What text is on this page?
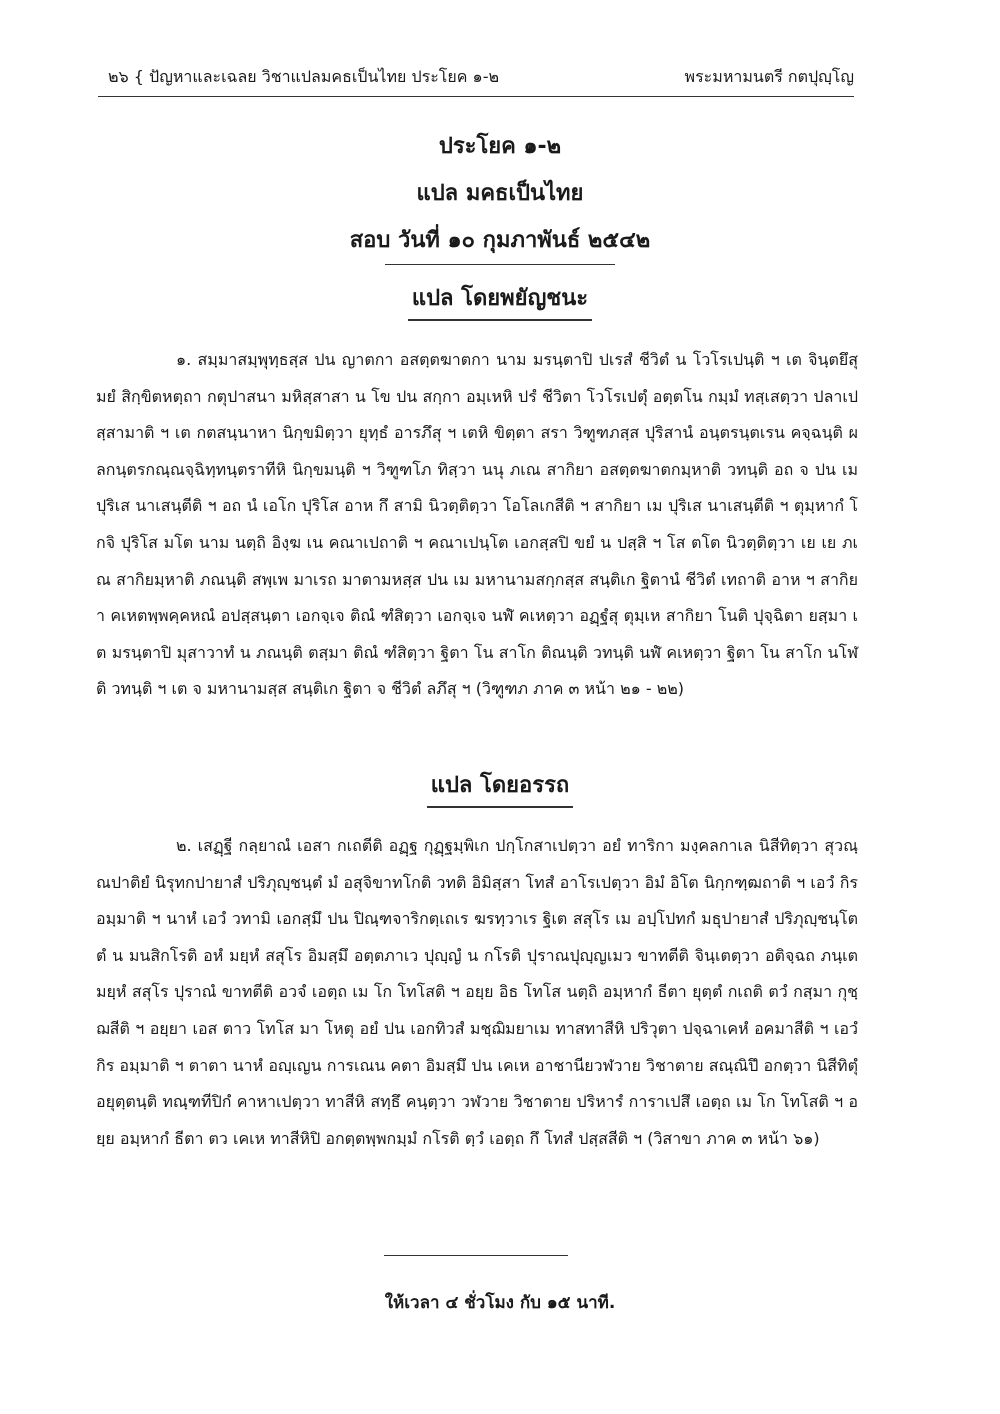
๒๖ { ปัญหาและเฉลย วิชาแปลมคธเป็นไทย ประโยค ๑-๒	พระมหามนตรี กตปุญฺโญ
ประโยค ๑-๒
แปล มคธเป็นไทย
สอบ วันที่ ๑๐ กุมภาพันธ์ ๒๕๔๒
แปล โดยพยัญชนะ
๑. สมฺมาสมฺพุทฺธสฺส ปน ญาตกา อสตฺตฆาตกา นาม มรนฺตาปิ ปเรสํ ชีวิตํ น โวโรเปนฺติ ฯ เต จินฺตยึสุ มยํ สิกฺขิตหตฺถา กตุปาสนา มหิสฺสาสา น โข ปน สกฺกา อมฺเหหิ ปรํ ชีวิตา โวโรเปตุํ อตฺตโน กมฺมํ ทสฺเสตฺวา ปลาเปสฺสามาติ ฯ เต กตสนฺนาหา นิกฺขมิตฺวา ยุทฺธํ อารภึสุ ฯ เตหิ ขิตฺตา สรา วิฑูฑภสฺส ปุริสานํ อนฺตรนฺตเรน คจฺฉนฺติ ผลกนฺตรกณฺณจฺฉิทฺทนฺตราทีหิ นิกฺขมนฺติ ฯ วิฑูฑโภ ทิสฺวา นนุ ภเณ สากิยา อสตฺตฆาตกมฺหาติ วทนฺติ อถ จ ปน เม ปุริเส นาเสนฺตีติ ฯ อถ นํ เอโก ปุริโส อาห กึ สามิ นิวตฺติตฺวา โอโลเกสีติ ฯ สากิยา เม ปุริเส นาเสนฺตีติ ฯ ตุมฺหากํ โกจิ ปุริโส มโต นาม นตฺถิ อิงฺฆ เน คณาเปถาติ ฯ คณาเปนฺโต เอกสฺสปิ ขยํ น ปสฺสิ ฯ โส ตโต นิวตฺติตฺวา เย เย ภเณ สากิยมฺหาติ ภณนฺติ สพฺเพ มาเรถ มาตามหสฺส ปน เม มหานามสกฺกสฺส สนฺติเก ฐิตานํ ชีวิตํ เทถาติ อาห ฯ สากิยา คเหตพฺพคฺคหณํ อปสฺสนฺตา เอกจฺเจ ติณํ ฑํสิตฺวา เอกจฺเจ นฬํ คเหตฺวา อฏฺฐํสุ ตุมฺเห สากิยา โนติ ปุจฺฉิตา ยสฺมา เต มรนฺตาปิ มุสาวาทํ น ภณนฺติ ตสฺมา ติณํ ฑํสิตฺวา ฐิตา โน สาโก ติณนฺติ วทนฺติ นฬํ คเหตฺวา ฐิตา โน สาโก นโฬติ วทนฺติ ฯ เต จ มหานามสฺส สนฺติเก ฐิตา จ ชีวิตํ ลภึสุ ฯ (วิฑูฑภ ภาค ๓ หน้า ๒๑ - ๒๒)
แปล โดยอรรถ
๒. เสฏฺฐี กลฺยาณํ เอสา กเถตีติ อฏฺฐ กุฏฺฐมฺพิเก ปกฺโกสาเปตฺวา อยํ ทาริกา มงฺคลกาเล นิสีทิตฺวา สุวณฺณปาติยํ นิรุทกปายาสํ ปริภุญฺชนฺตํ มํ อสุจิขาทโกติ วทติ อิมิสฺสา โทสํ อาโรเปตฺวา อิมํ อิโต นิกฺกฑฺฒถาติ ฯ เอวํ กิร อมฺมาติ ฯ นาหํ เอวํ วทามิ เอกสฺมึ ปน ปิณฺฑจาริกตฺเถเร ฆรทฺวาเร ฐิเต สสุโร เม อปฺโปทกํ มธุปายาสํ ปริภุญฺชนฺโต ตํ น มนสิกโรติ อหํ มยฺหํ สสุโร อิมสฺมึ อตฺตภาเว ปุญฺญํ น กโรติ ปุราณปุญฺญเมว ขาทตีติ จินฺเตตฺวา อติจฺฉถ ภนฺเต มยฺหํ สสุโร ปุราณํ ขาทตีติ อวจํ เอตฺถ เม โก โทโสติ ฯ อยฺย อิธ โทโส นตฺถิ อมฺหากํ ธีตา ยุตฺตํ กเถติ ตวํ กสฺมา กุชฺฌสีติ ฯ อยฺยา เอส ตาว โทโส มา โหตุ อยํ ปน เอกทิวสํ มชฺฌิมยาเม ทาสทาสีหิ ปริวุตา ปจฺฉาเคหํ อคมาสีติ ฯ เอวํ กิร อมฺมาติ ฯ ตาตา นาหํ อญฺเญน การเณน คตา อิมสฺมึ ปน เคเห อาชานียวฬวาย วิชาตาย สณฺณิปึ อกตฺวา นิสีทิตุํ อยุตฺตนฺติ ทณฺฑทีปิกํ คาหาเปตฺวา ทาสีหิ สทฺธึ คนฺตฺวา วฬวาย วิชาตาย ปริหารํ การาเปสึ เอตฺถ เม โก โทโสติ ฯ อยฺย อมฺหากํ ธีตา ตว เคเห ทาสีหิปิ อกตฺตพฺพกมฺมํ กโรติ ตฺวํ เอตฺถ กึ โทสํ ปสฺสสีติ ฯ (วิสาขา ภาค ๓ หน้า ๖๑)
ให้เวลา ๔ ชั่วโมง กับ ๑๕ นาที.
